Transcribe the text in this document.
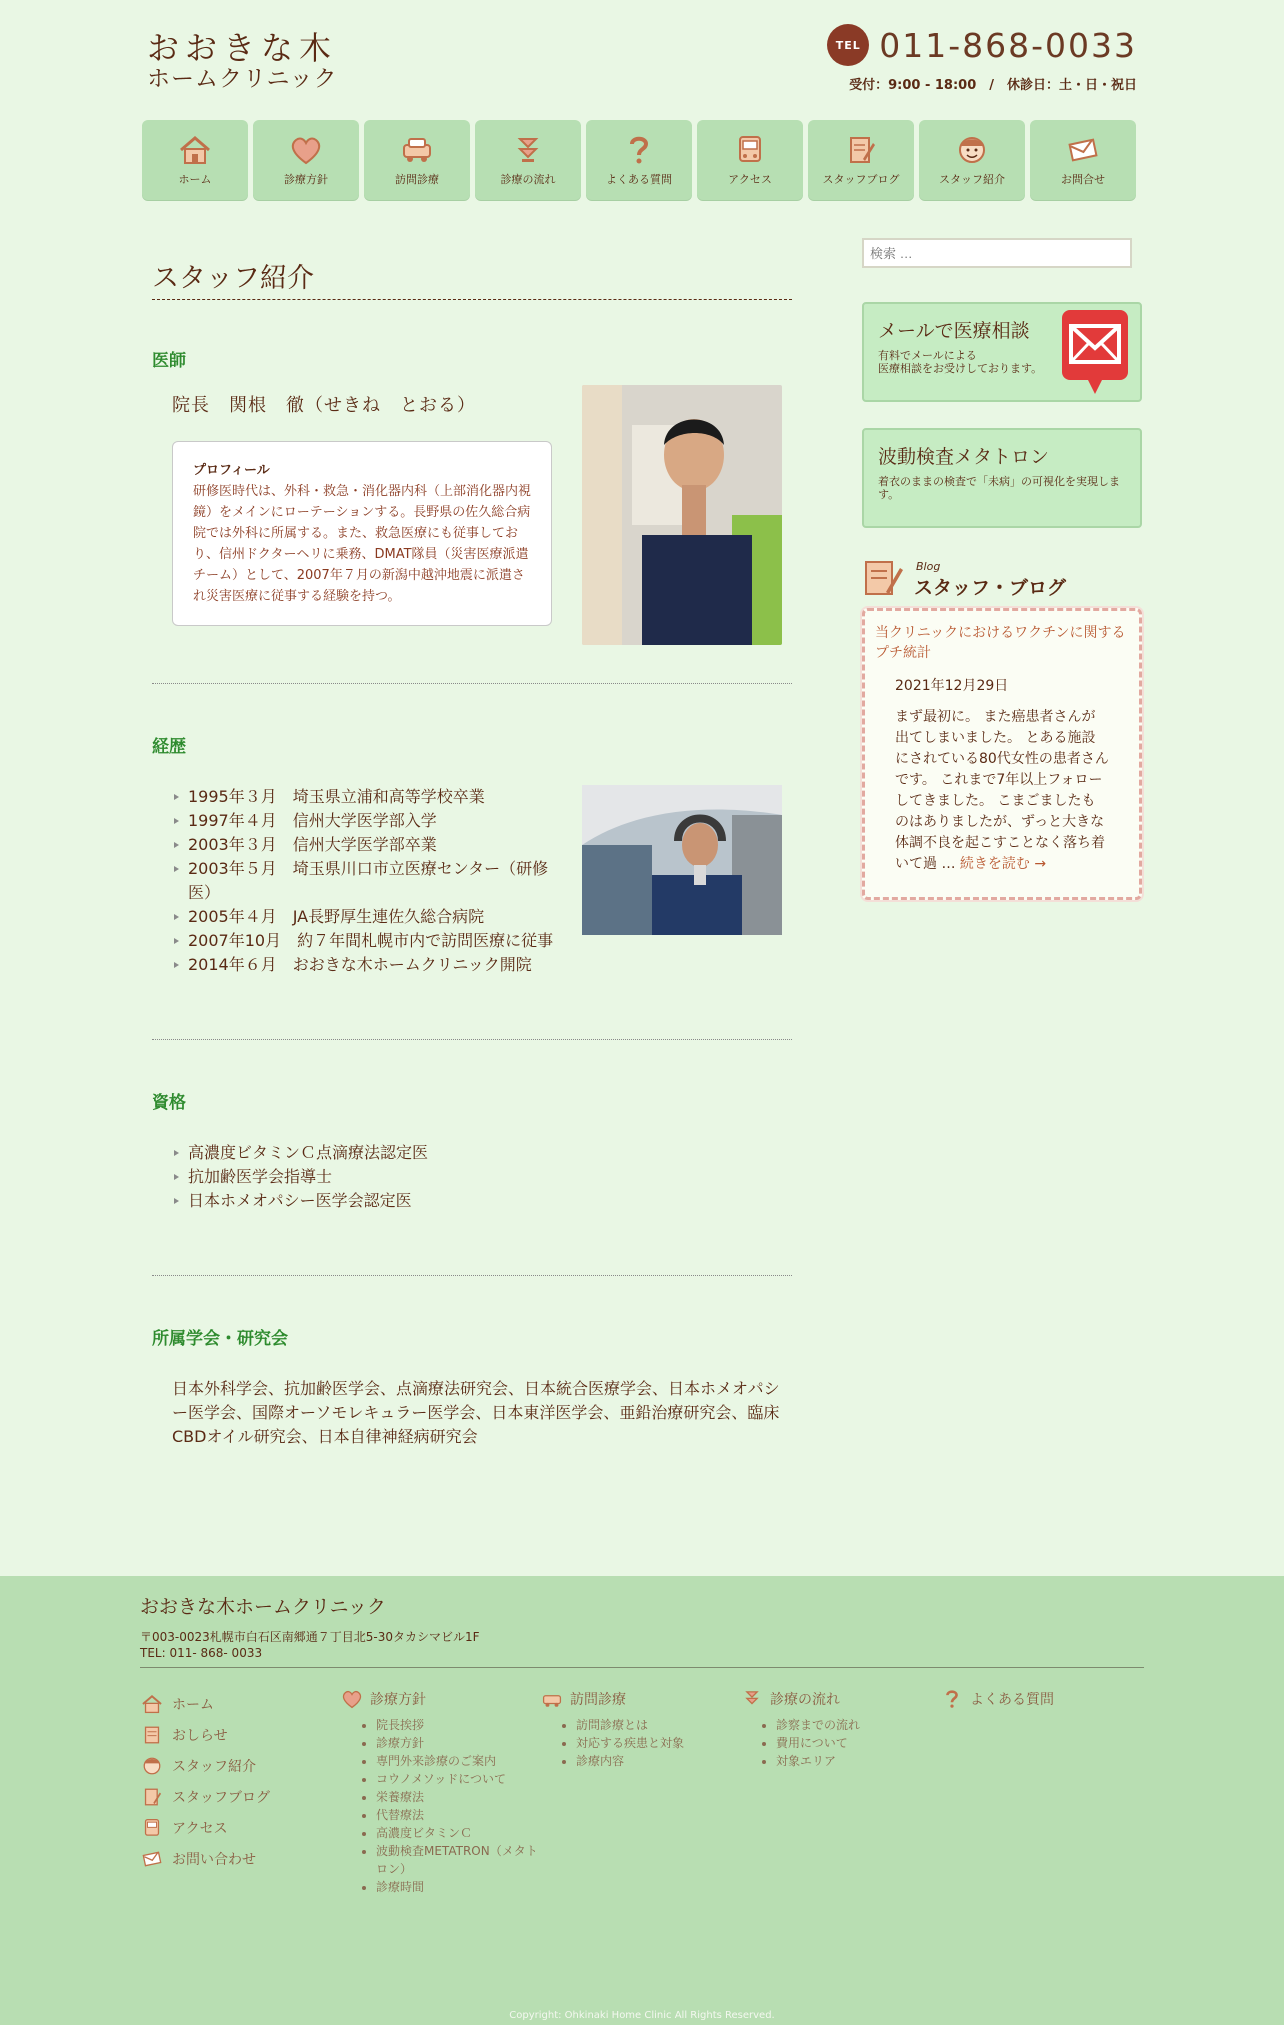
おおきな木
ホームクリニック
TEL 011-868-0033
受付：9:00 - 18:00　/　休診日：土・日・祝日
ホーム	診療方針	訪問診療	診療の流れ	よくある質問	アクセス	スタッフブログ	スタッフ紹介	お問合せ
スタッフ紹介
医師
院長　関根　徹（せきね　とおる）
プロフィール
研修医時代は、外科・救急・消化器内科（上部消化器内視鏡）をメインにローテーションする。長野県の佐久総合病院では外科に所属する。また、救急医療にも従事しており、信州ドクターヘリに乗務、DMAT隊員（災害医療派遣チーム）として、2007年７月の新潟中越沖地震に派遣され災害医療に従事する経験を持つ。
経歴
1995年３月　埼玉県立浦和高等学校卒業
1997年４月　信州大学医学部入学
2003年３月　信州大学医学部卒業
2003年５月　埼玉県川口市立医療センター（研修医）
2005年４月　JA長野厚生連佐久総合病院
2007年10月　約７年間札幌市内で訪問医療に従事
2014年６月　おおきな木ホームクリニック開院
資格
高濃度ビタミンＣ点滴療法認定医
抗加齢医学会指導士
日本ホメオパシー医学会認定医
所属学会・研究会
日本外科学会、抗加齢医学会、点滴療法研究会、日本統合医療学会、日本ホメオパシー医学会、国際オーソモレキュラー医学会、日本東洋医学会、亜鉛治療研究会、臨床CBDオイル研究会、日本自律神経病研究会
検索 …
メールで医療相談
有料でメールによる
医療相談をお受けしております。
波動検査メタトロン
着衣のままの検査で「未病」の可視化を実現します。
Blog
スタッフ・ブログ
当クリニックにおけるワクチンに関するプチ統計
2021年12月29日
まず最初に。 また癌患者さんが出てしまいました。 とある施設にされている80代女性の患者さんです。 これまで7年以上フォローしてきました。 こまごましたものはありましたが、ずっと大きな体調不良を起こすことなく落ち着いて過 … 続きを読む →
おおきな木ホームクリニック
〒003-0023札幌市白石区南郷通７丁目北5-30タカシマビル1F
TEL: 011- 868- 0033
ホーム
おしらせ
スタッフ紹介
スタッフブログ
アクセス
お問い合わせ
診療方針
• 院長挨拶
• 診療方針
• 専門外来診療のご案内
• コウノメソッドについて
• 栄養療法
• 代替療法
• 高濃度ビタミンＣ
• 波動検査METATRON（メタトロン）
• 診療時間
訪問診療
• 訪問診療とは
• 対応する疾患と対象
• 診療内容
診療の流れ
• 診察までの流れ
• 費用について
• 対象エリア
よくある質問
Copyright: Ohkinaki Home Clinic All Rights Reserved.
